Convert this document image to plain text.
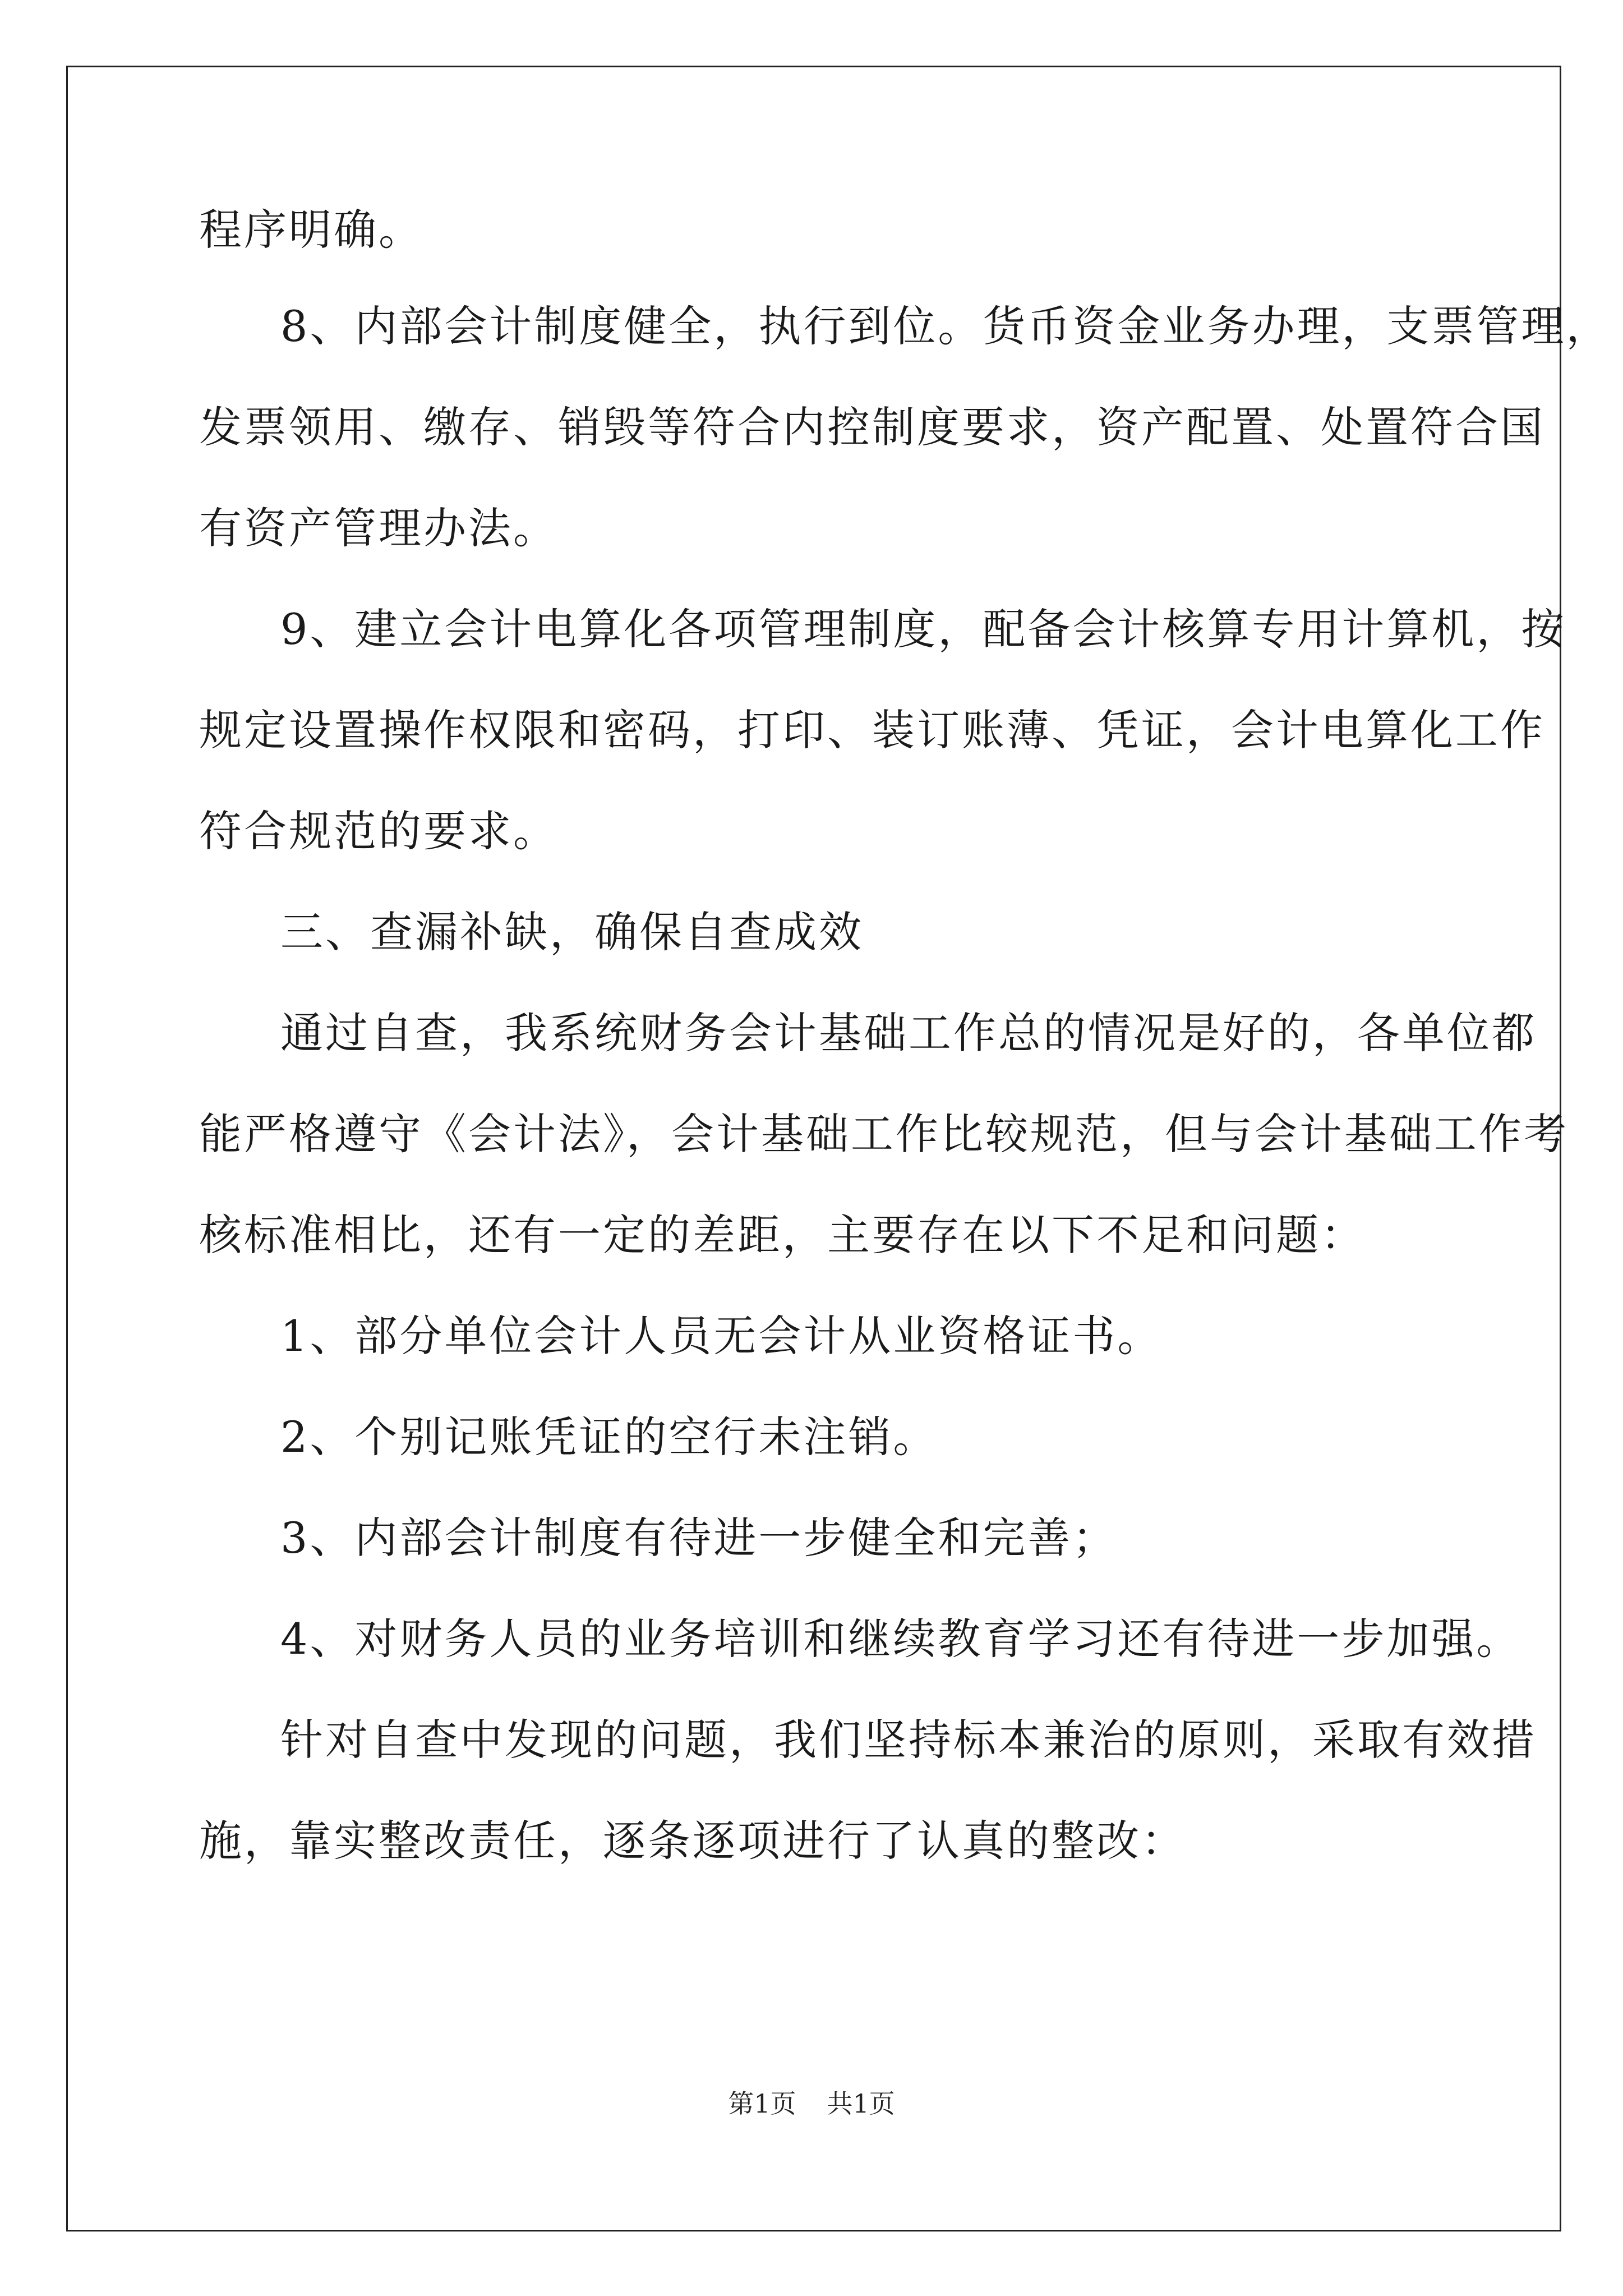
程序明确。
8、内部会计制度健全，执行到位。货币资金业务办理，支票管理，
发票领用、缴存、销毁等符合内控制度要求，资产配置、处置符合国
有资产管理办法。
9、建立会计电算化各项管理制度，配备会计核算专用计算机，按
规定设置操作权限和密码，打印、装订账薄、凭证，会计电算化工作
符合规范的要求。
三、查漏补缺，确保自查成效
通过自查，我系统财务会计基础工作总的情况是好的，各单位都
能严格遵守《会计法》，会计基础工作比较规范，但与会计基础工作考
核标准相比，还有一定的差距，主要存在以下不足和问题：
1、部分单位会计人员无会计从业资格证书。
2、个别记账凭证的空行未注销。
3、内部会计制度有待进一步健全和完善；
4、对财务人员的业务培训和继续教育学习还有待进一步加强。
针对自查中发现的问题，我们坚持标本兼治的原则，采取有效措
施，靠实整改责任，逐条逐项进行了认真的整改：
第1页 共1页
